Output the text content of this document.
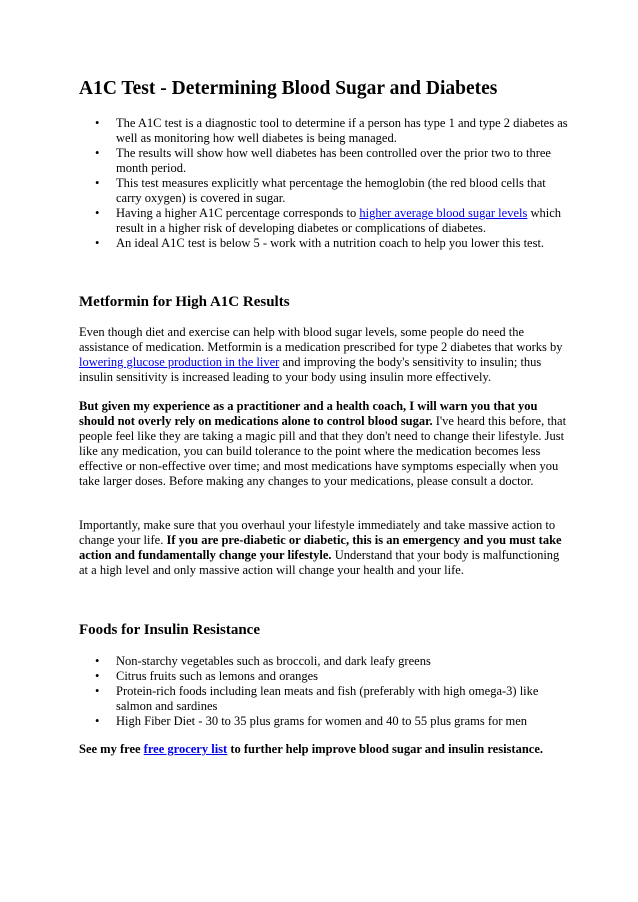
A1C Test - Determining Blood Sugar and Diabetes
• The A1C test is a diagnostic tool to determine if a person has type 1 and type 2 diabetes as well as monitoring how well diabetes is being managed.
• The results will show how well diabetes has been controlled over the prior two to three month period.
• This test measures explicitly what percentage the hemoglobin (the red blood cells that carry oxygen) is covered in sugar.
• Having a higher A1C percentage corresponds to higher average blood sugar levels which result in a higher risk of developing diabetes or complications of diabetes.
• An ideal A1C test is below 5 - work with a nutrition coach to help you lower this test.
Metformin for High A1C Results

Even though diet and exercise can help with blood sugar levels, some people do need the assistance of medication. Metformin is a medication prescribed for type 2 diabetes that works by lowering glucose production in the liver and improving the body's sensitivity to insulin; thus insulin sensitivity is increased leading to your body using insulin more effectively.

But given my experience as a practitioner and a health coach, I will warn you that you should not overly rely on medications alone to control blood sugar. I've heard this before, that people feel like they are taking a magic pill and that they don't need to change their lifestyle. Just like any medication, you can build tolerance to the point where the medication becomes less effective or non-effective over time; and most medications have symptoms especially when you take larger doses. Before making any changes to your medications, please consult a doctor.

Importantly, make sure that you overhaul your lifestyle immediately and take massive action to change your life. If you are pre-diabetic or diabetic, this is an emergency and you must take action and fundamentally change your lifestyle. Understand that your body is malfunctioning at a high level and only massive action will change your health and your life.

Foods for Insulin Resistance
• Non-starchy vegetables such as broccoli, and dark leafy greens
• Citrus fruits such as lemons and oranges
• Protein-rich foods including lean meats and fish (preferably with high omega-3) like salmon and sardines
• High Fiber Diet - 30 to 35 plus grams for women and 40 to 55 plus grams for men

See my free free grocery list to further help improve blood sugar and insulin resistance.
